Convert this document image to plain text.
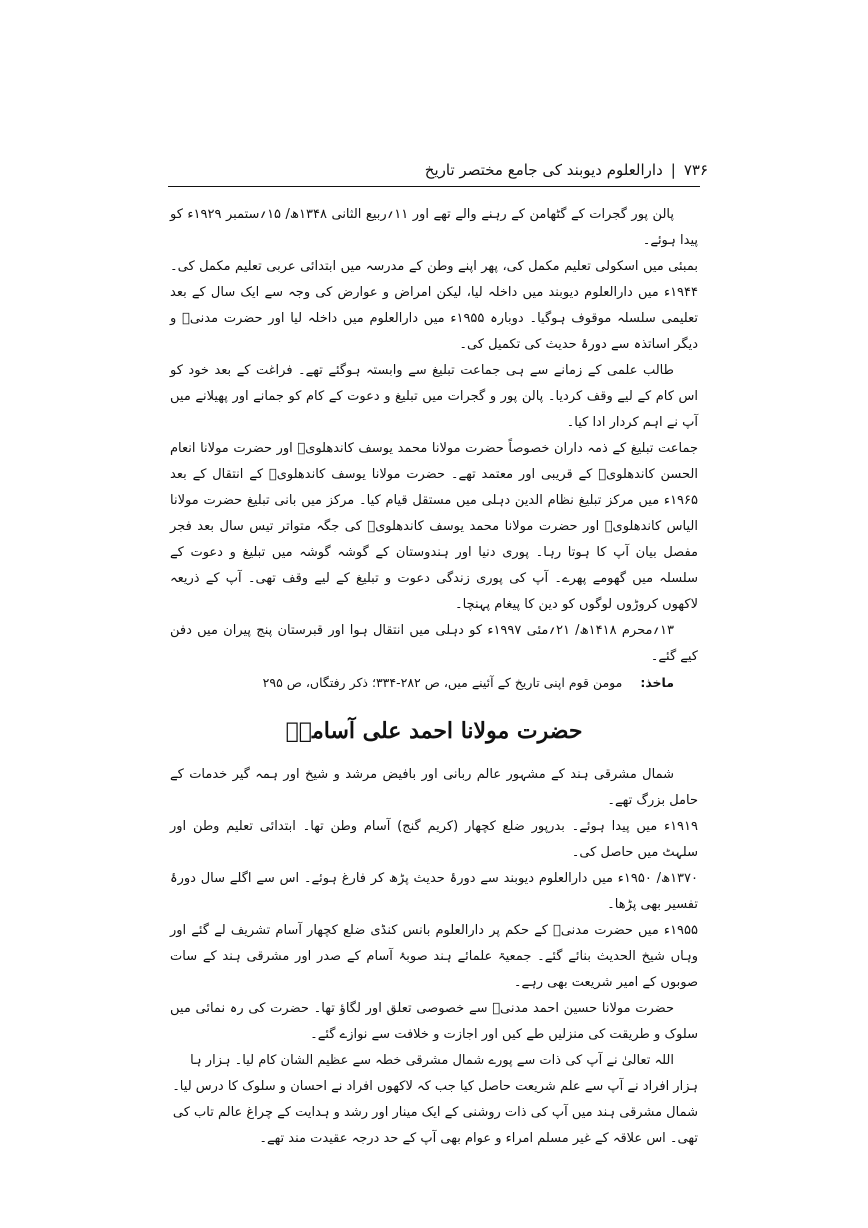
۷۳۶|دارالعلوم دیوبند کی جامع مختصر تاریخ

پالن پور گجرات کے گٹھامن کے رہنے والے تھے اور ۱۱؍ربیع الثانی ۱۳۴۸ھ/ ۱۵؍ستمبر ۱۹۲۹ء کو پیدا ہوئے۔

بمبئی میں اسکولی تعلیم مکمل کی، پھر اپنے وطن کے مدرسہ میں ابتدائی عربی تعلیم مکمل کی۔ ۱۹۴۴ء میں دارالعلوم دیوبند میں داخلہ لیا، لیکن امراض و عوارض کی وجہ سے ایک سال کے بعد تعلیمی سلسلہ موقوف ہوگیا۔ دوبارہ ۱۹۵۵ء میں دارالعلوم میں داخلہ لیا اور حضرت مدنیؒ و دیگر اساتذہ سے دورۂ حدیث کی تکمیل کی۔

طالب علمی کے زمانے سے ہی جماعت تبلیغ سے وابستہ ہوگئے تھے۔ فراغت کے بعد خود کو اس کام کے لیے وقف کردیا۔ پالن پور و گجرات میں تبلیغ و دعوت کے کام کو جمانے اور پھیلانے میں آپ نے اہم کردار ادا کیا۔

جماعت تبلیغ کے ذمہ داران خصوصاً حضرت مولانا محمد یوسف کاندھلویؒ اور حضرت مولانا انعام الحسن کاندھلویؒ کے قریبی اور معتمد تھے۔ حضرت مولانا یوسف کاندھلویؒ کے انتقال کے بعد ۱۹۶۵ء میں مرکز تبلیغ نظام الدین دہلی میں مستقل قیام کیا۔ مرکز میں بانی تبلیغ حضرت مولانا الیاس کاندھلویؒ اور حضرت مولانا محمد یوسف کاندھلویؒ کی جگہ متواتر تیس سال بعد فجر مفصل بیان آپ کا ہوتا رہا۔ پوری دنیا اور ہندوستان کے گوشہ گوشہ میں تبلیغ و دعوت کے سلسلہ میں گھومے پھرے۔ آپ کی پوری زندگی دعوت و تبلیغ کے لیے وقف تھی۔ آپ کے ذریعہ لاکھوں کروڑوں لوگوں کو دین کا پیغام پہنچا۔

۱۳؍محرم ۱۴۱۸ھ/ ۲۱؍مئی ۱۹۹۷ء کو دہلی میں انتقال ہوا اور قبرستان پنج پیران میں دفن کیے گئے۔

ماخذ:
مومن قوم اپنی تاریخ کے آئینے میں، ص ۲۸۲-۳۳۴؛ ذکر رفتگاں، ص ۲۹۵
حضرت مولانا احمد علی آسامیؒ

شمال مشرقی ہند کے مشہور عالم ربانی اور بافیض مرشد و شیخ اور ہمہ گیر خدمات کے حامل بزرگ تھے۔

۱۹۱۹ء میں پیدا ہوئے۔ بدرپور ضلع کچھار (کریم گنج) آسام وطن تھا۔ ابتدائی تعلیم وطن اور سلہٹ میں حاصل کی۔

۱۳۷۰ھ/ ۱۹۵۰ء میں دارالعلوم دیوبند سے دورۂ حدیث پڑھ کر فارغ ہوئے۔ اس سے اگلے سال دورۂ تفسیر بھی پڑھا۔

۱۹۵۵ء میں حضرت مدنیؒ کے حکم پر دارالعلوم بانس کنڈی ضلع کچھار آسام تشریف لے گئے اور وہاں شیخ الحدیث بنائے گئے۔ جمعیۃ علمائے ہند صوبۂ آسام کے صدر اور مشرقی ہند کے سات صوبوں کے امیر شریعت بھی رہے۔

حضرت مولانا حسین احمد مدنیؒ سے خصوصی تعلق اور لگاؤ تھا۔ حضرت کی رہ نمائی میں سلوک و طریقت کی منزلیں طے کیں اور اجازت و خلافت سے نوازے گئے۔

اللہ تعالیٰ نے آپ کی ذات سے پورے شمال مشرقی خطہ سے عظیم الشان کام لیا۔ ہزار ہا ہزار افراد نے آپ سے علم شریعت حاصل کیا جب کہ لاکھوں افراد نے احسان و سلوک کا درس لیا۔ شمال مشرقی ہند میں آپ کی ذات روشنی کے ایک مینار اور رشد و ہدایت کے چراغ عالم تاب کی تھی۔ اس علاقہ کے غیر مسلم امراء و عوام بھی آپ کے حد درجہ عقیدت مند تھے۔
